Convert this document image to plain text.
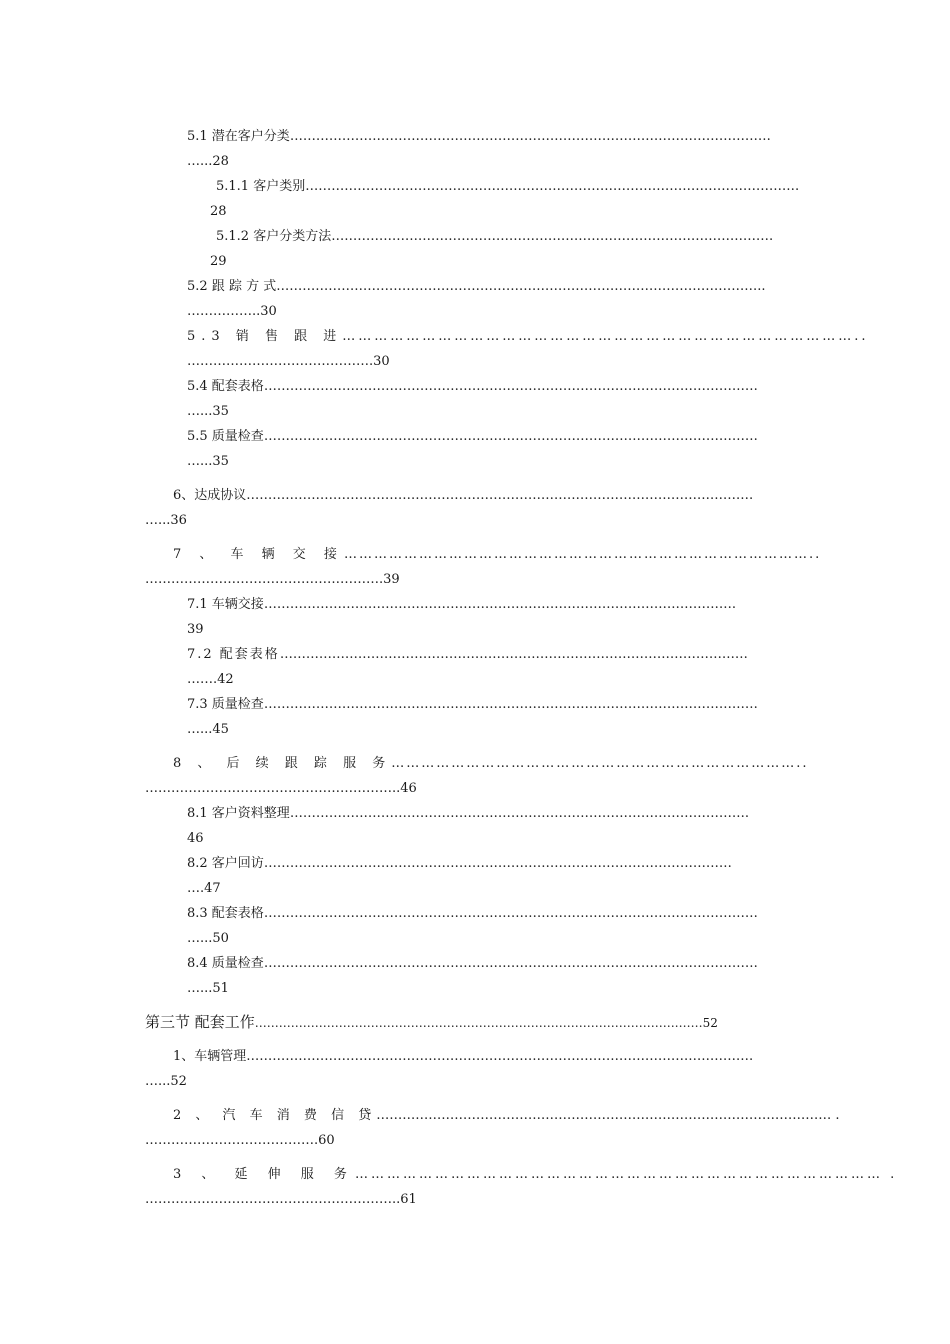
5.1 潜在客户分类…………………………………………………………………………………………………
…...28
5.1.1 客户类别……………………………………………………………………………………………………
28
5.1.2 客户分类方法…………………………………………………………………………………………
29
5.2 跟 踪 方 式…………………………………………………………………………………………………..
……………..30
5.3 销 售 跟 进……………………………………………………………………………………..
…………………………………….30
5.4 配套表格……………………………………………………………………………………………………
…...35
5.5 质量检查……………………………………………………………………………………………………
…...35
6、达成协议………………………………………………………………………………………………………
…...36
7 、 车 辆 交 接…………………………………………………………………………………..
……………………………………………….39
7.1 车辆交接……………………………………………………………………………………………….
39
7.2 配套表格………………………………………………………………………………………………
…….42
7.3 质量检查……………………………………………………………………………………………………
…...45
8 、 后 续 跟 踪 服 务………………………………………………………………………..
…………………………………………………..46
8.1 客户资料整理…………………………………………………………………………………………….
46
8.2 客户回访………………………………………………………………………………………………
….47
8.3 配套表格……………………………………………………………………………………………………
…...50
8.4 质量检查……………………………………………………………………………………………………
…...51
第三节 配套工作…………………………………………………………………………………………….……52
1、车辆管理………………………………………………………………………………………………………
…...52
2 、 汽 车 消 费 信 贷…………………………………………………………………………………………… .
………………………………….60
3 、 延 伸 服 务……………………………………………………………………………………… .
…………………………………………………..61
